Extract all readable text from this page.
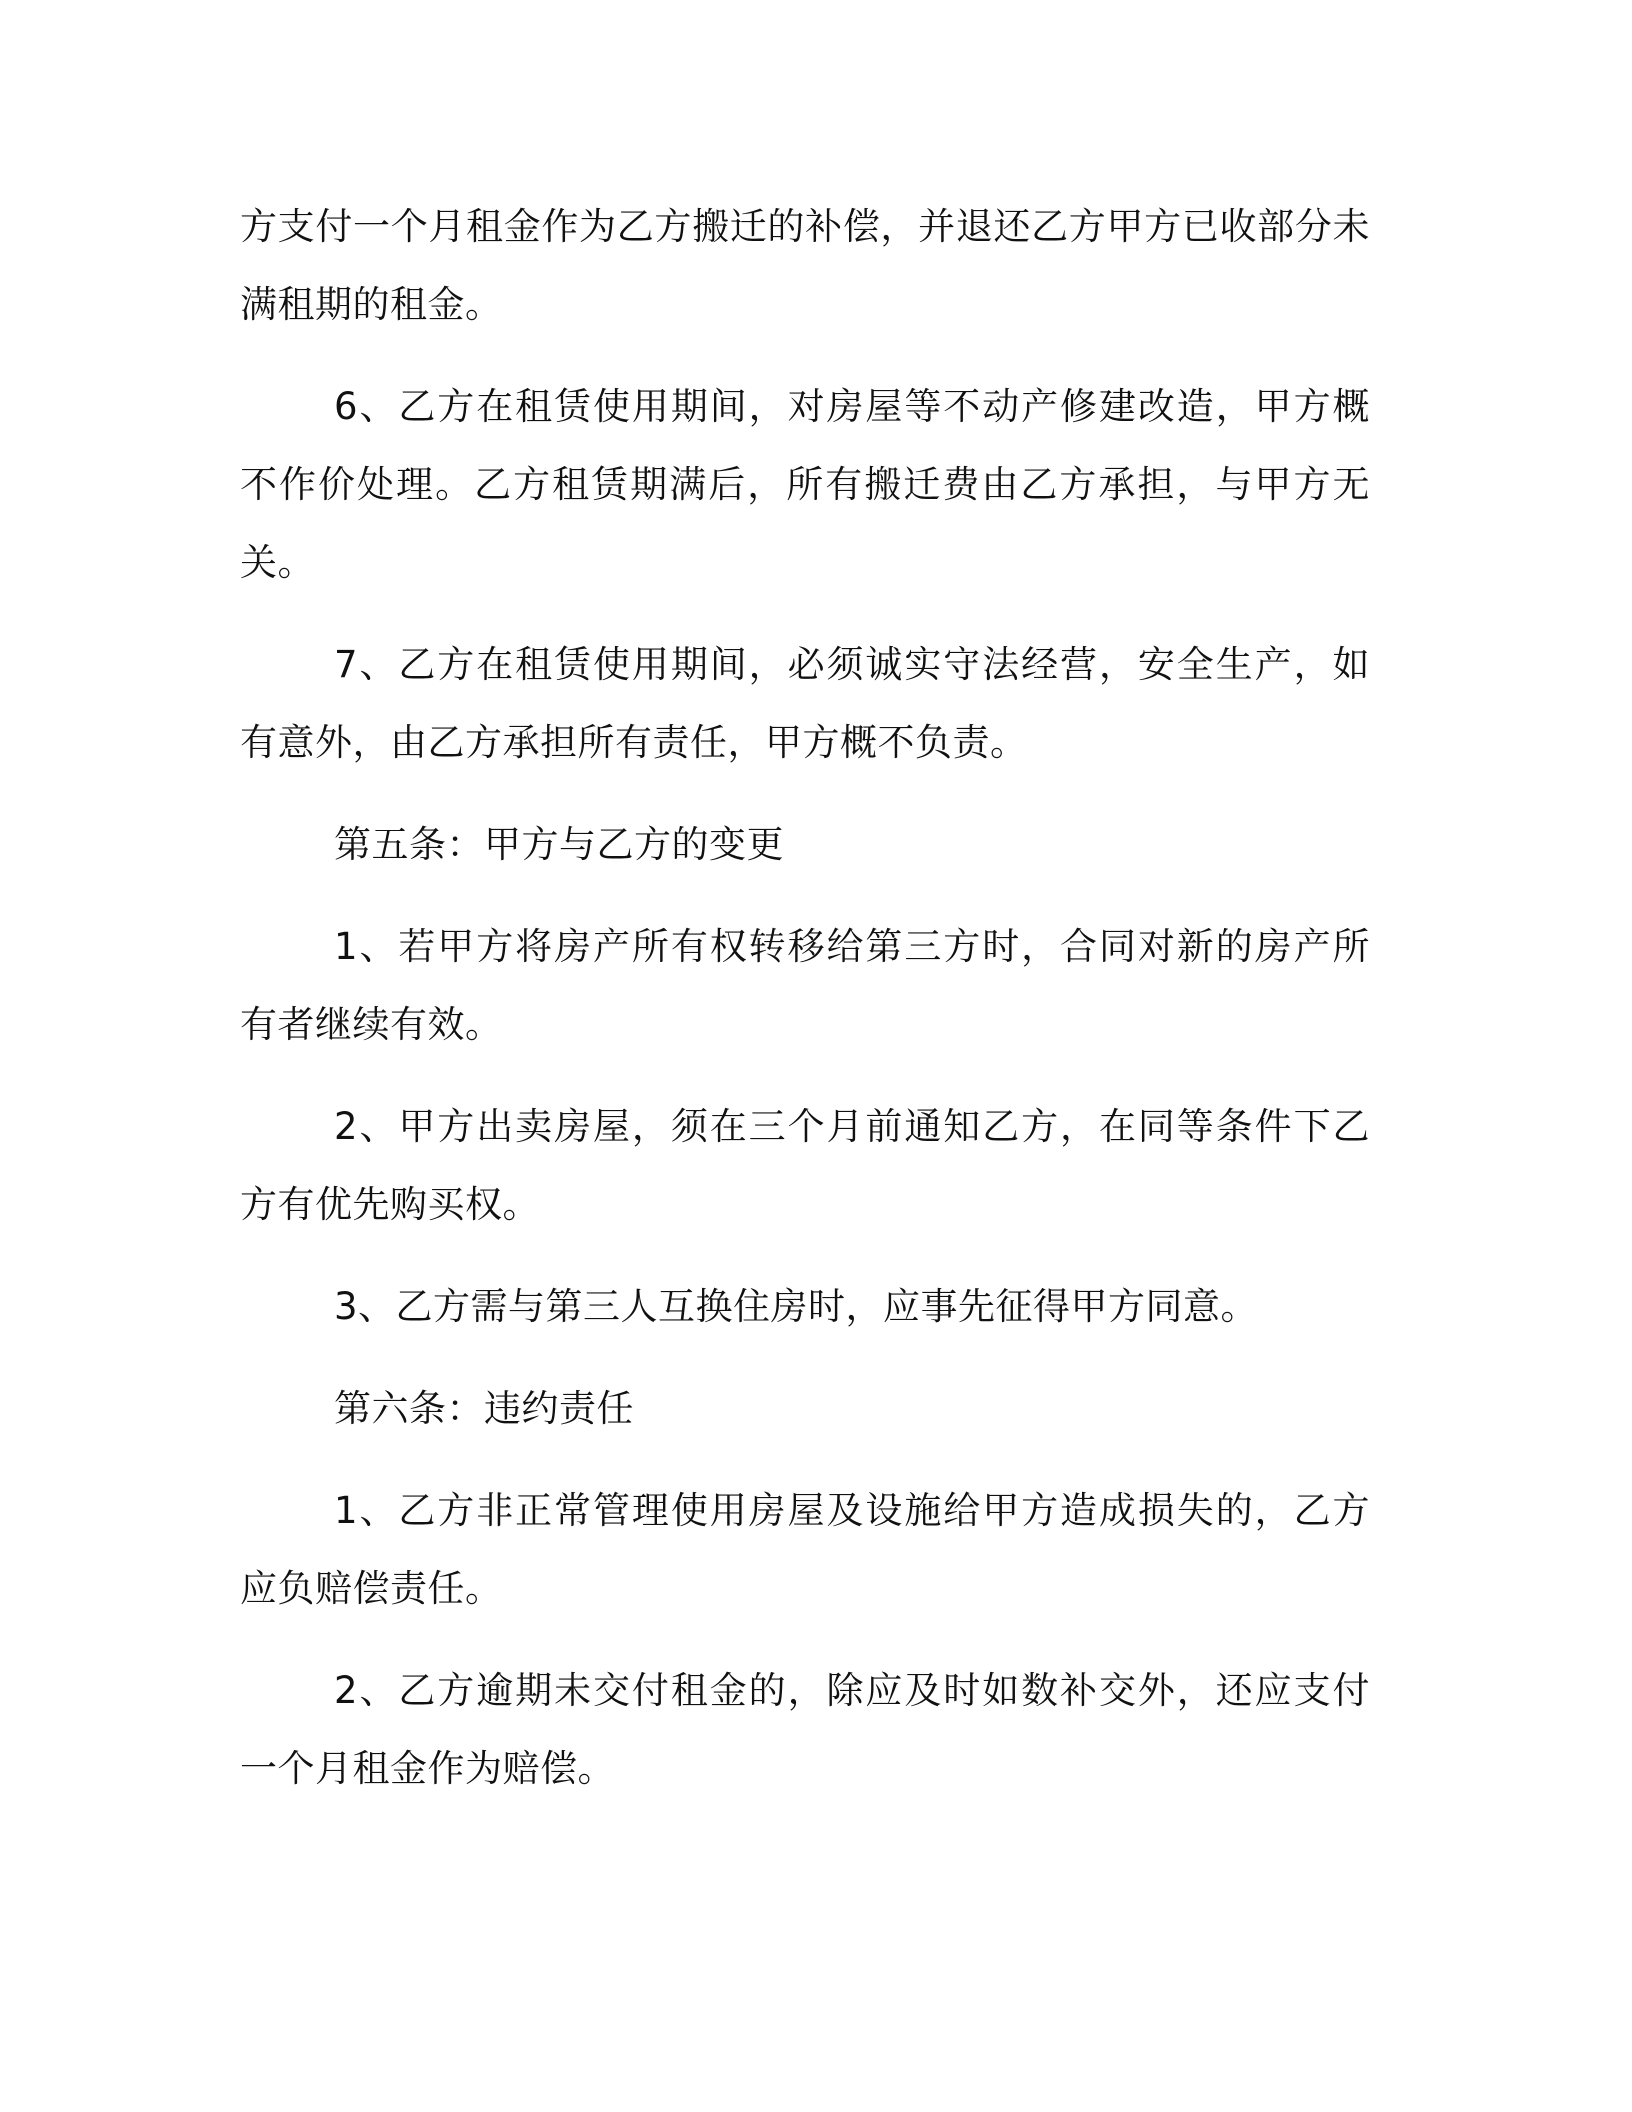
方支付一个月租金作为乙方搬迁的补偿，并退还乙方甲方已收部分未满租期的租金。

6、乙方在租赁使用期间，对房屋等不动产修建改造，甲方概不作价处理。乙方租赁期满后，所有搬迁费由乙方承担，与甲方无关。

7、乙方在租赁使用期间，必须诚实守法经营，安全生产，如有意外，由乙方承担所有责任，甲方概不负责。

第五条：甲方与乙方的变更

1、若甲方将房产所有权转移给第三方时，合同对新的房产所有者继续有效。

2、甲方出卖房屋，须在三个月前通知乙方，在同等条件下乙方有优先购买权。

3、乙方需与第三人互换住房时，应事先征得甲方同意。

第六条：违约责任

1、乙方非正常管理使用房屋及设施给甲方造成损失的，乙方应负赔偿责任。

2、乙方逾期未交付租金的，除应及时如数补交外，还应支付一个月租金作为赔偿。
